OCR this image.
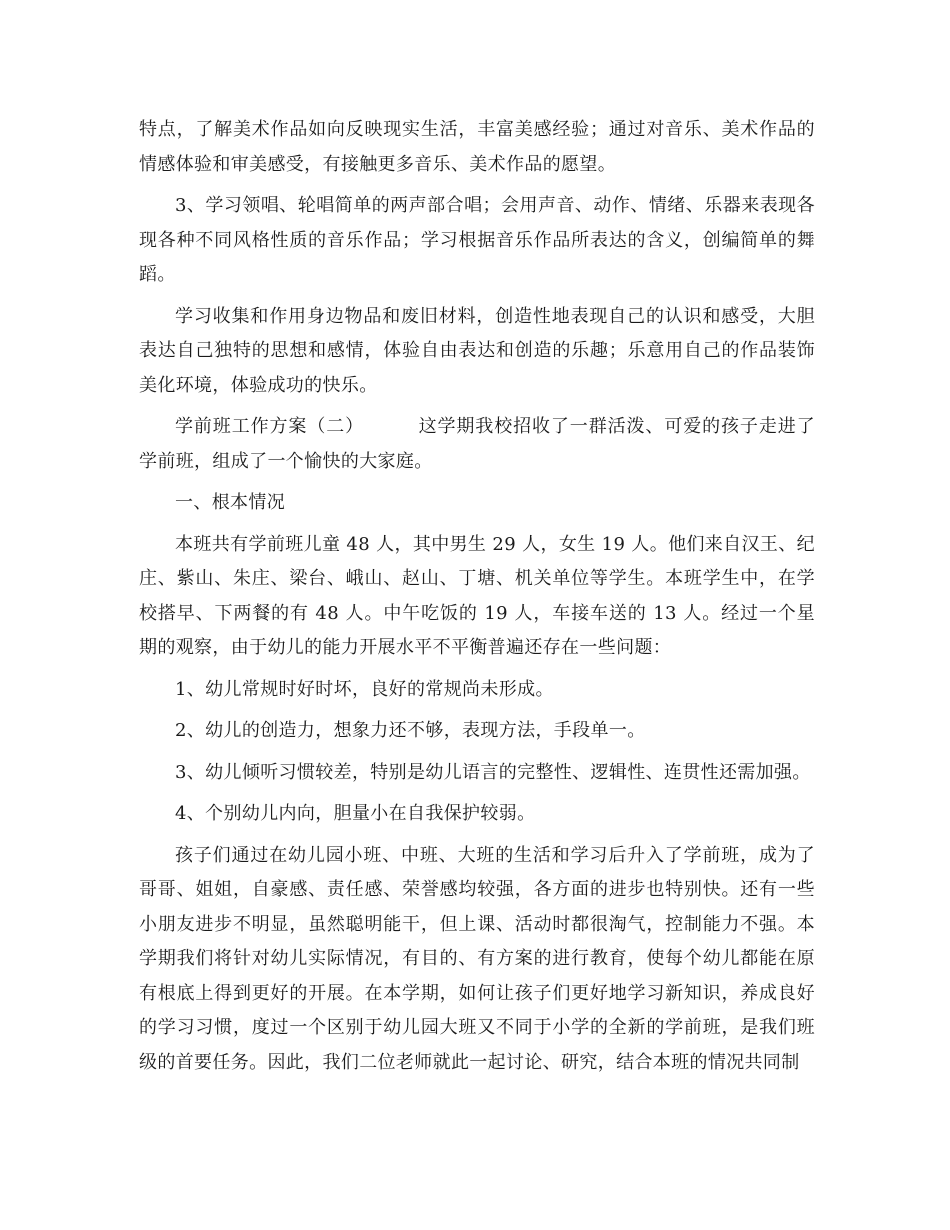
特点，了解美术作品如向反映现实生活，丰富美感经验；通过对音乐、美术作品的情感体验和审美感受，有接触更多音乐、美术作品的愿望。

3、学习领唱、轮唱简单的两声部合唱；会用声音、动作、情绪、乐器来表现各现各种不同风格性质的音乐作品；学习根据音乐作品所表达的含义，创编简单的舞蹈。

学习收集和作用身边物品和废旧材料，创造性地表现自己的认识和感受，大胆表达自己独特的思想和感情，体验自由表达和创造的乐趣；乐意用自己的作品装饰美化环境，体验成功的快乐。

学前班工作方案（二）	这学期我校招收了一群活泼、可爱的孩子走进了学前班，组成了一个愉快的大家庭。

一、根本情况

本班共有学前班儿童 48 人，其中男生 29 人，女生 19 人。他们来自汉王、纪庄、紫山、朱庄、梁台、峨山、赵山、丁塘、机关单位等学生。本班学生中，在学校搭早、下两餐的有 48 人。中午吃饭的 19 人，车接车送的 13 人。经过一个星期的观察，由于幼儿的能力开展水平不平衡普遍还存在一些问题：

1、幼儿常规时好时坏，良好的常规尚未形成。

2、幼儿的创造力，想象力还不够，表现方法，手段单一。

3、幼儿倾听习惯较差，特别是幼儿语言的完整性、逻辑性、连贯性还需加强。

4、个别幼儿内向，胆量小在自我保护较弱。

孩子们通过在幼儿园小班、中班、大班的生活和学习后升入了学前班，成为了哥哥、姐姐，自豪感、责任感、荣誉感均较强，各方面的进步也特别快。还有一些小朋友进步不明显，虽然聪明能干，但上课、活动时都很淘气，控制能力不强。本学期我们将针对幼儿实际情况，有目的、有方案的进行教育，使每个幼儿都能在原有根底上得到更好的开展。在本学期，如何让孩子们更好地学习新知识，养成良好的学习习惯，度过一个区别于幼儿园大班又不同于小学的全新的学前班，是我们班级的首要任务。因此，我们二位老师就此一起讨论、研究，结合本班的情况共同制
